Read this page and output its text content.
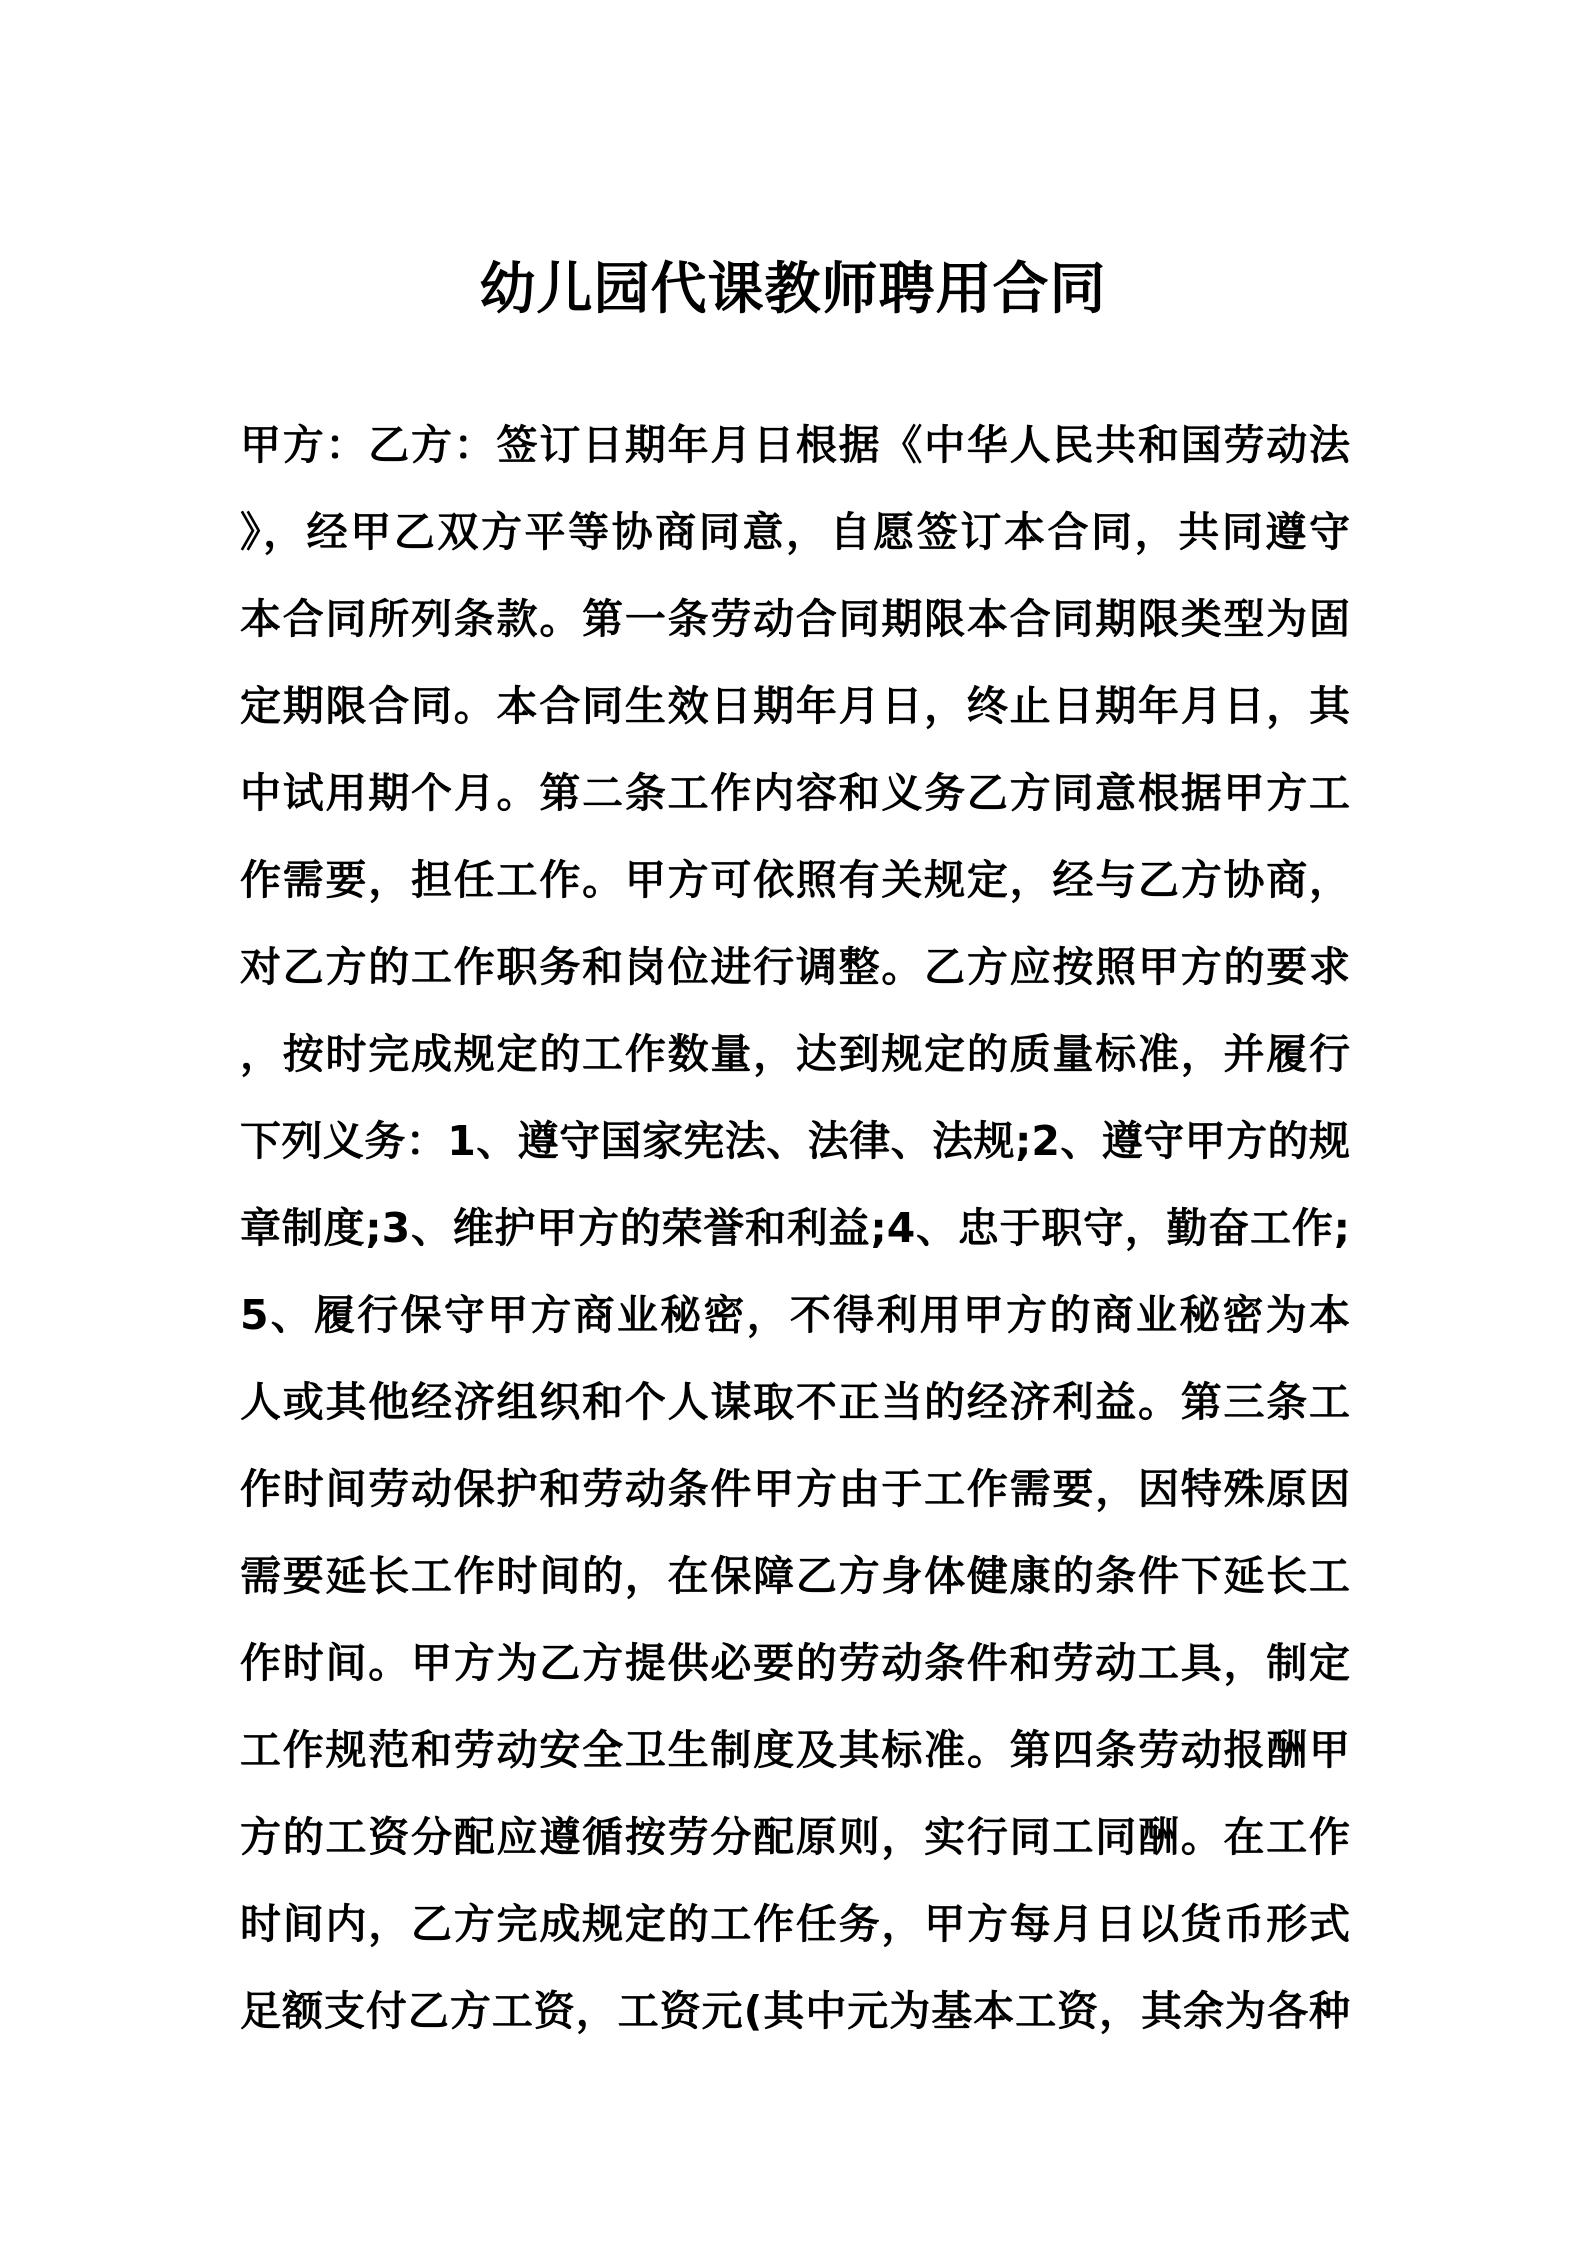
幼儿园代课教师聘用合同
甲方：乙方：签订日期年月日根据《中华人民共和国劳动法
》，经甲乙双方平等协商同意，自愿签订本合同，共同遵守
本合同所列条款。第一条劳动合同期限本合同期限类型为固
定期限合同。本合同生效日期年月日，终止日期年月日，其
中试用期个月。第二条工作内容和义务乙方同意根据甲方工
作需要，担任工作。甲方可依照有关规定，经与乙方协商，
对乙方的工作职务和岗位进行调整。乙方应按照甲方的要求
，按时完成规定的工作数量，达到规定的质量标准，并履行
下列义务：1、遵守国家宪法、法律、法规;2、遵守甲方的规
章制度;3、维护甲方的荣誉和利益;4、忠于职守，勤奋工作;
5、履行保守甲方商业秘密，不得利用甲方的商业秘密为本
人或其他经济组织和个人谋取不正当的经济利益。第三条工
作时间劳动保护和劳动条件甲方由于工作需要，因特殊原因
需要延长工作时间的，在保障乙方身体健康的条件下延长工
作时间。甲方为乙方提供必要的劳动条件和劳动工具，制定
工作规范和劳动安全卫生制度及其标准。第四条劳动报酬甲
方的工资分配应遵循按劳分配原则，实行同工同酬。在工作
时间内，乙方完成规定的工作任务，甲方每月日以货币形式
足额支付乙方工资，工资元(其中元为基本工资，其余为各种
